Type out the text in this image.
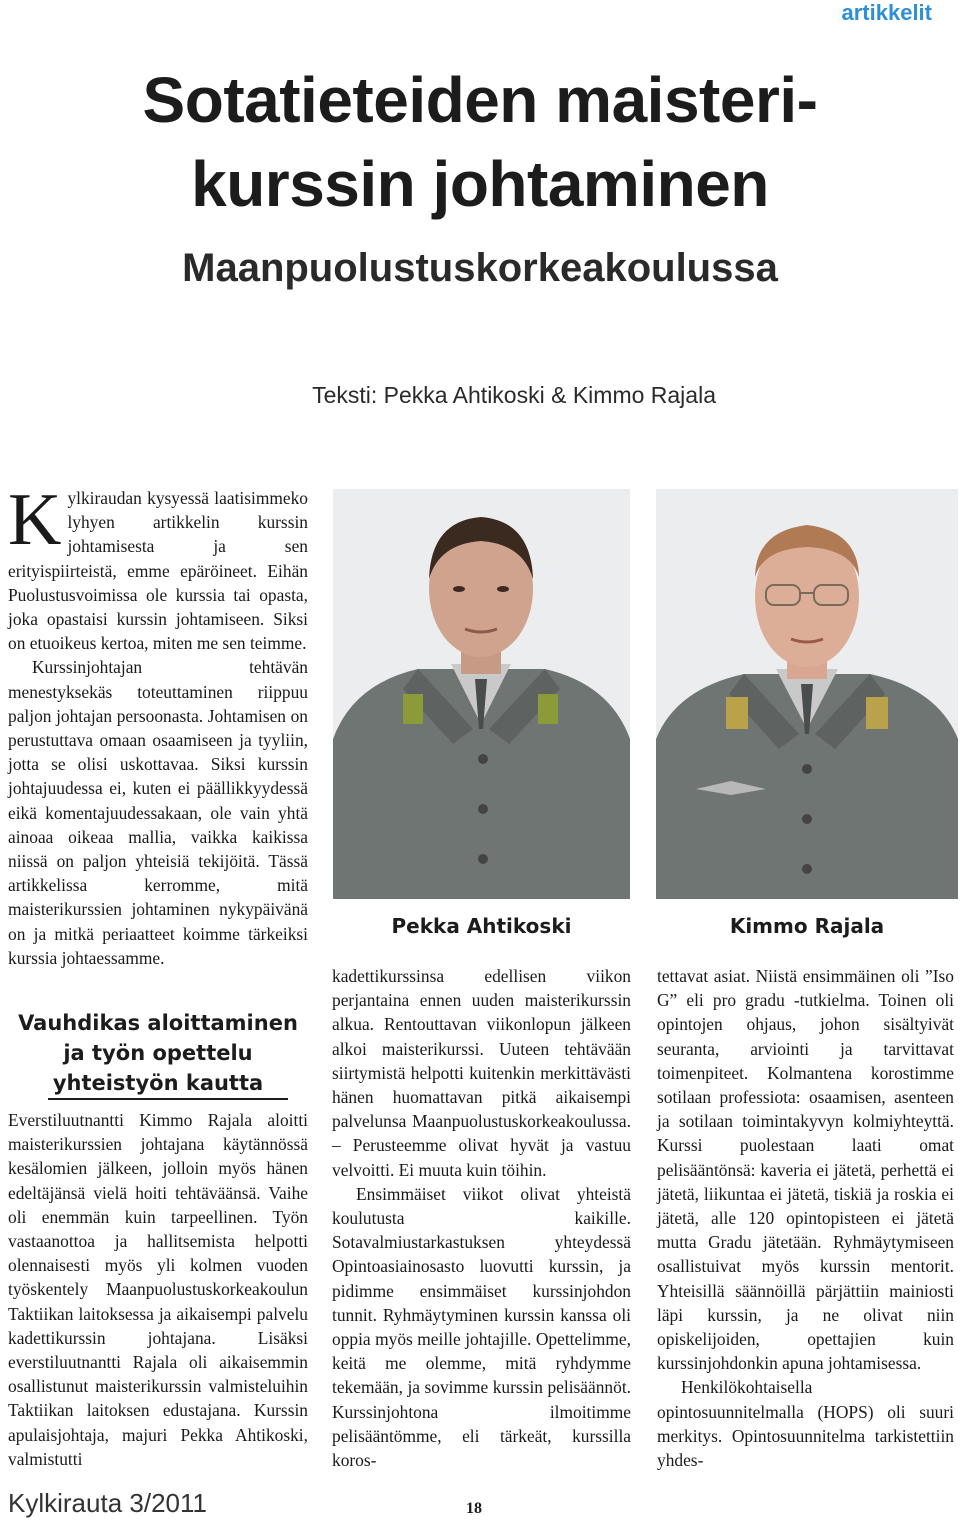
artikkelit
Sotatieteiden maisteri-
kurssin johtaminen
Maanpuolustuskorkeakoulussa
Teksti: Pekka Ahtikoski & Kimmo Rajala

Kylkiraudan kysyessä laatisimmeko lyhyen artikkelin kurssin johtamisesta ja sen erityispiirteistä, emme epäröineet. Eihän Puolustusvoimissa ole kurssia tai opasta, joka opastaisi kurssin johtamiseen. Siksi on etuoikeus kertoa, miten me sen teimme.

Kurssinjohtajan tehtävän menestyksekäs toteuttaminen riippuu paljon johtajan persoonasta. Johtamisen on perustuttava omaan osaamiseen ja tyyliin, jotta se olisi uskottavaa. Siksi kurssin johtajuudessa ei, kuten ei päällikkyydessä eikä komentajuudessakaan, ole vain yhtä ainoaa oikeaa mallia, vaikka kaikissa niissä on paljon yhteisiä tekijöitä. Tässä artikkelissa kerromme, mitä maisterikurssien johtaminen nykypäivänä on ja mitkä periaatteet koimme tärkeiksi kurssia johtaessamme.

Vauhdikas aloittaminen
ja työn opettelu
yhteistyön kautta

Everstiluutnantti Kimmo Rajala aloitti maisterikurssien johtajana käytännössä kesälomien jälkeen, jolloin myös hänen edeltäjänsä vielä hoiti tehtäväänsä. Vaihe oli enemmän kuin tarpeellinen. Työn vastaanottoa ja hallitsemista helpotti olennaisesti myös yli kolmen vuoden työskentely Maanpuolustuskorkeakoulun Taktiikan laitoksessa ja aikaisempi palvelu kadettikurssin johtajana. Lisäksi everstiluutnantti Rajala oli aikaisemmin osallistunut maisterikurssin valmisteluihin Taktiikan laitoksen edustajana. Kurssin apulaisjohtaja, majuri Pekka Ahtikoski, valmistutti

Pekka Ahtikoski	Kimmo Rajala

kadettikurssinsa edellisen viikon perjantaina ennen uuden maisterikurssin alkua. Rentouttavan viikonlopun jälkeen alkoi maisterikurssi. Uuteen tehtävään siirtymistä helpotti kuitenkin merkittävästi hänen huomattavan pitkä aikaisempi palvelunsa Maanpuolustuskorkeakoulussa. – Perusteemme olivat hyvät ja vastuu velvoitti. Ei muuta kuin töihin.

Ensimmäiset viikot olivat yhteistä koulutusta kaikille. Sotavalmiustarkastuksen yhteydessä Opintoasiainosasto luovutti kurssin, ja pidimme ensimmäiset kurssinjohdon tunnit. Ryhmäytyminen kurssin kanssa oli oppia myös meille johtajille. Opettelimme, keitä me olemme, mitä ryhdymme tekemään, ja sovimme kurssin pelisäännöt. Kurssinjohtona ilmoitimme pelisääntömme, eli tärkeät, kurssilla koros-

tettavat asiat. Niistä ensimmäinen oli ”Iso G” eli pro gradu -tutkielma. Toinen oli opintojen ohjaus, johon sisältyivät seuranta, arviointi ja tarvittavat toimenpiteet. Kolmantena korostimme sotilaan professiota: osaamisen, asenteen ja sotilaan toimintakyvyn kolmiyhteyttä. Kurssi puolestaan laati omat pelisääntönsä: kaveria ei jätetä, perhettä ei jätetä, liikuntaa ei jätetä, tiskiä ja roskia ei jätetä, alle 120 opintopisteen ei jätetä mutta Gradu jätetään. Ryhmäytymiseen osallistuivat myös kurssin mentorit. Yhteisillä säännöillä pärjättiin mainiosti läpi kurssin, ja ne olivat niin opiskelijoiden, opettajien kuin kurssinjohdonkin apuna johtamisessa.

Henkilökohtaisella opintosuunnitelmalla (HOPS) oli suuri merkitys. Opintosuunnitelma tarkistettiin yhdes-

Kylkirauta 3/2011	18
